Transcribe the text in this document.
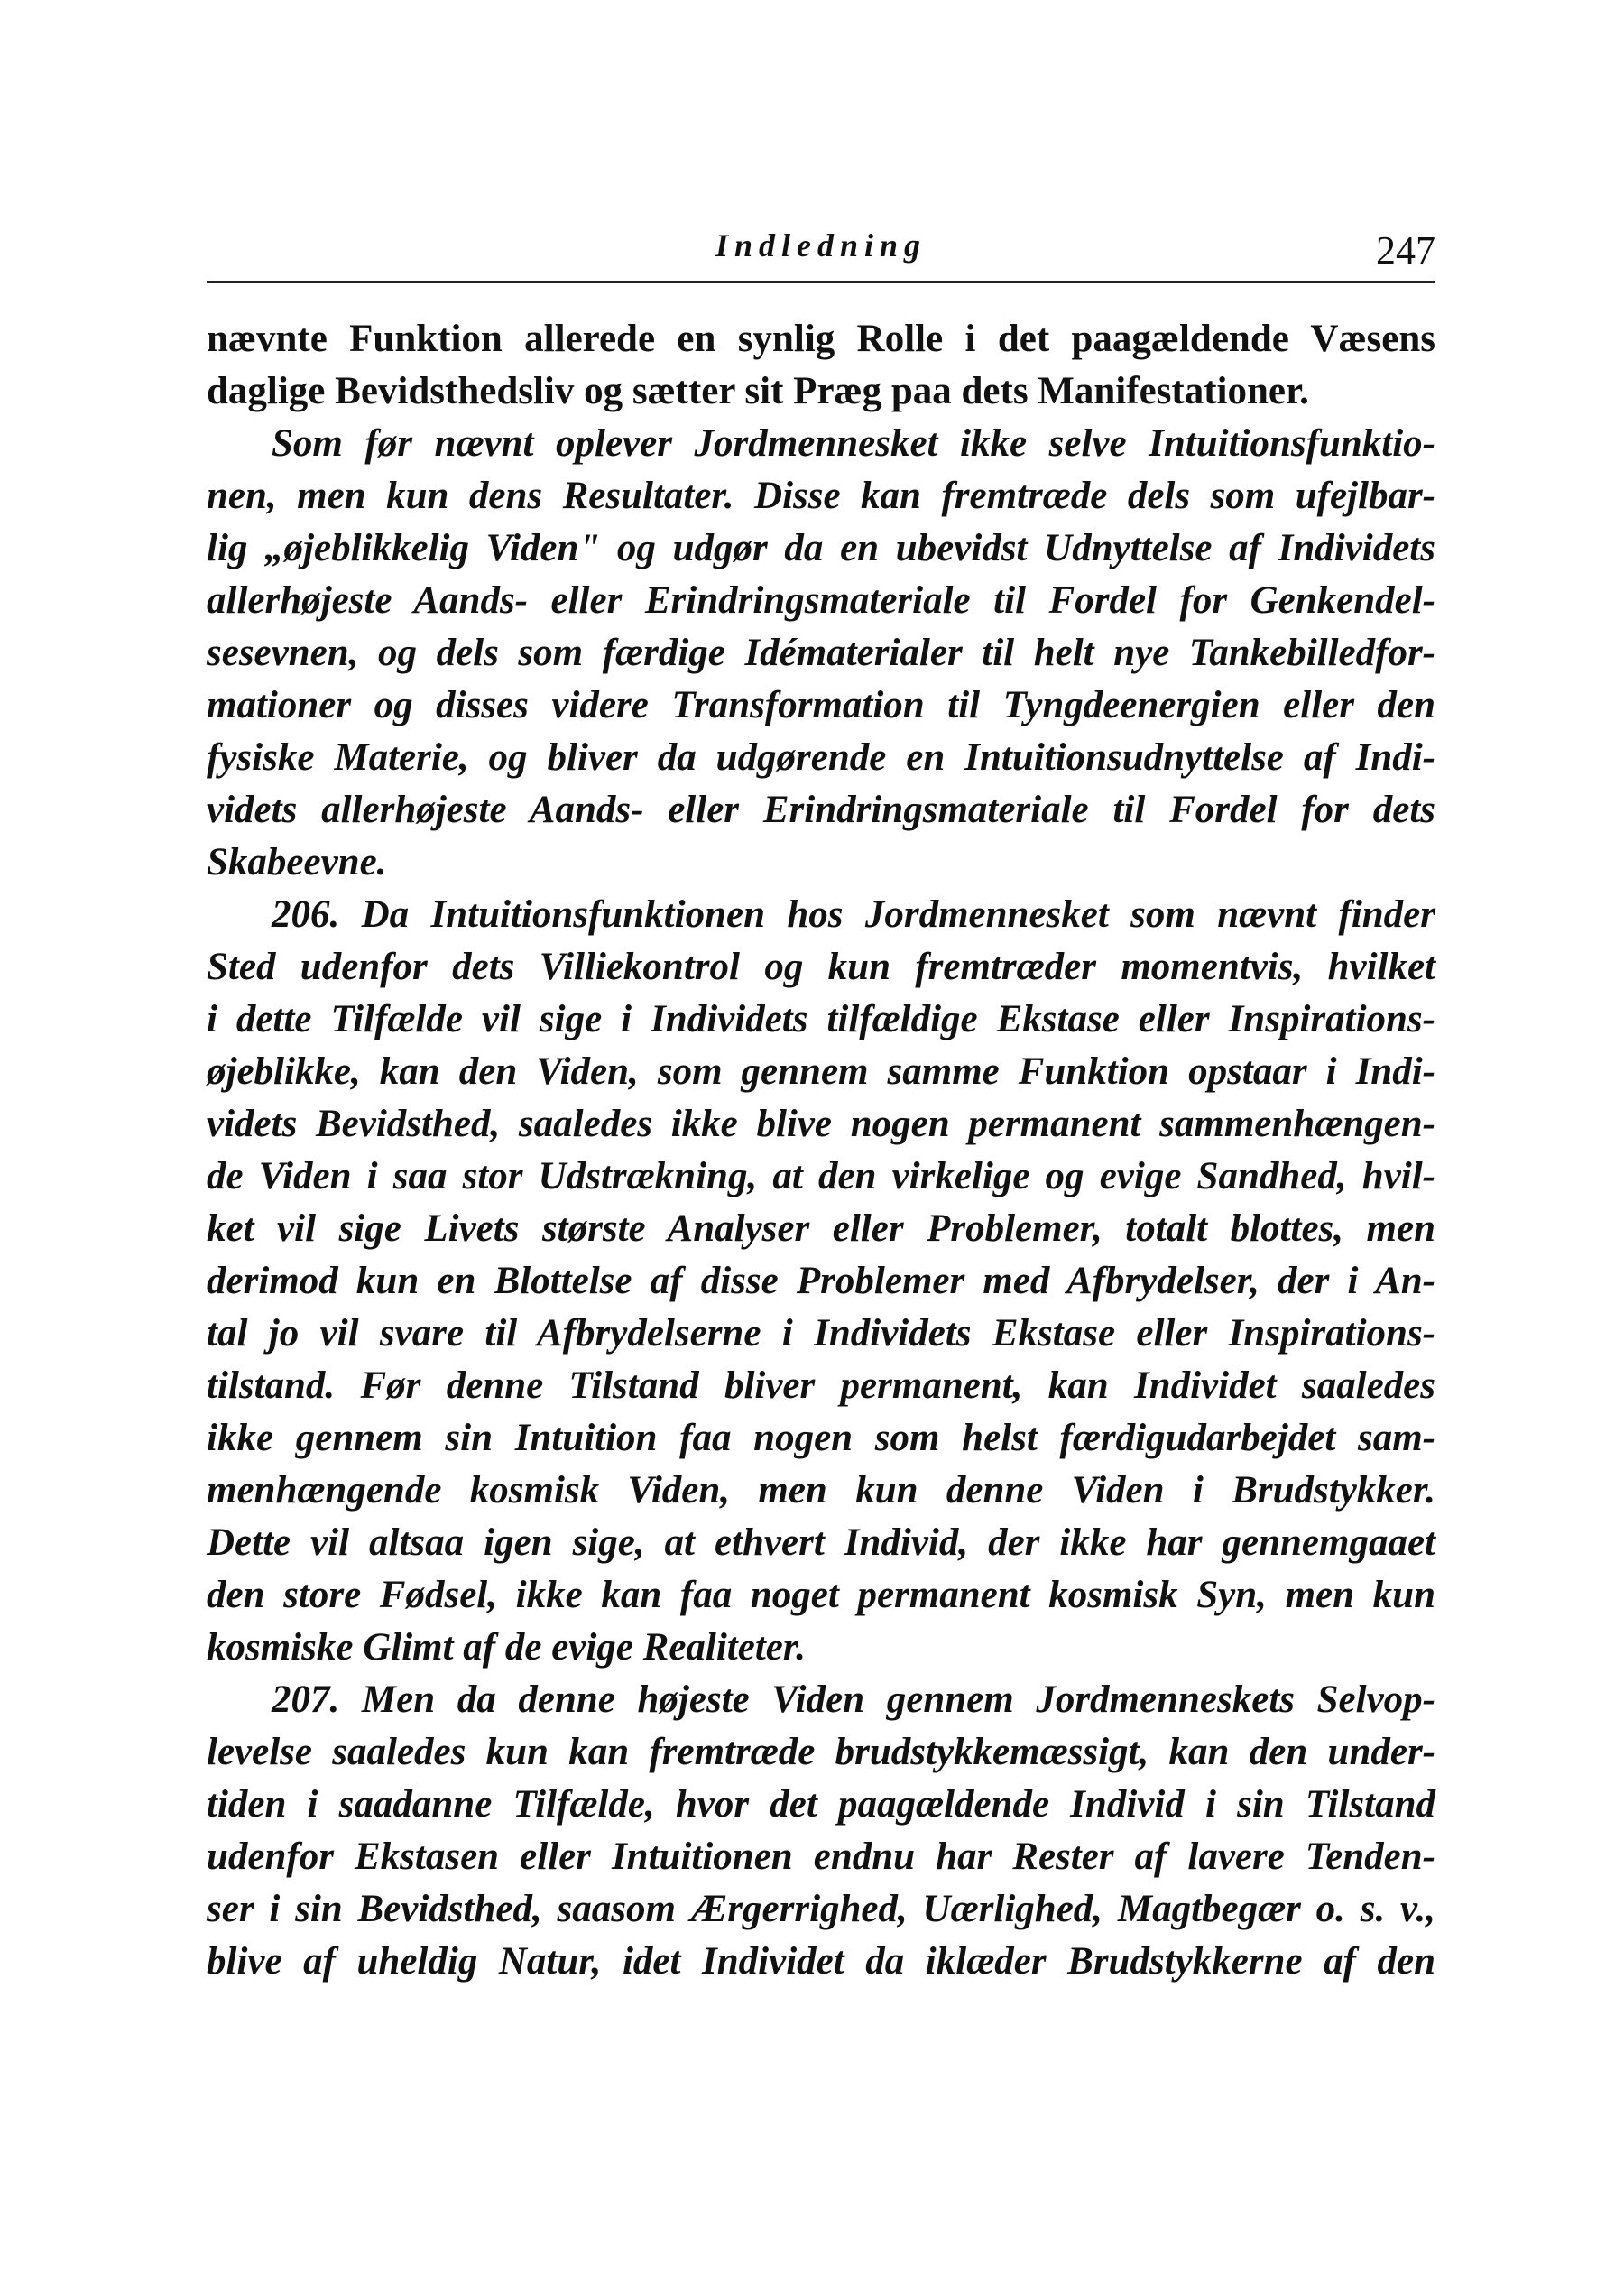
Indledning	247
nævnte Funktion allerede en synlig Rolle i det paagældende Væsens
daglige Bevidsthedsliv og sætter sit Præg paa dets Manifestationer.
Som før nævnt oplever Jordmennesket ikke selve Intuitionsfunktio-
nen, men kun dens Resultater. Disse kan fremtræde dels som ufejlbar-
lig „øjeblikkelig Viden" og udgør da en ubevidst Udnyttelse af Individets
allerhøjeste Aands- eller Erindringsmateriale til Fordel for Genkendel-
sesevnen, og dels som færdige Idématerialer til helt nye Tankebilledfor-
mationer og disses videre Transformation til Tyngdeenergien eller den
fysiske Materie, og bliver da udgørende en Intuitionsudnyttelse af Indi-
videts allerhøjeste Aands- eller Erindringsmateriale til Fordel for dets
Skabeevne.
206. Da Intuitionsfunktionen hos Jordmennesket som nævnt finder
Sted udenfor dets Villiekontrol og kun fremtræder momentvis, hvilket
i dette Tilfælde vil sige i Individets tilfældige Ekstase eller Inspirations-
øjeblikke, kan den Viden, som gennem samme Funktion opstaar i Indi-
videts Bevidsthed, saaledes ikke blive nogen permanent sammenhængen-
de Viden i saa stor Udstrækning, at den virkelige og evige Sandhed, hvil-
ket vil sige Livets største Analyser eller Problemer, totalt blottes, men
derimod kun en Blottelse af disse Problemer med Afbrydelser, der i An-
tal jo vil svare til Afbrydelserne i Individets Ekstase eller Inspirations-
tilstand. Før denne Tilstand bliver permanent, kan Individet saaledes
ikke gennem sin Intuition faa nogen som helst færdigudarbejdet sam-
menhængende kosmisk Viden, men kun denne Viden i Brudstykker.
Dette vil altsaa igen sige, at ethvert Individ, der ikke har gennemgaaet
den store Fødsel, ikke kan faa noget permanent kosmisk Syn, men kun
kosmiske Glimt af de evige Realiteter.
207. Men da denne højeste Viden gennem Jordmenneskets Selvop-
levelse saaledes kun kan fremtræde brudstykkemæssigt, kan den under-
tiden i saadanne Tilfælde, hvor det paagældende Individ i sin Tilstand
udenfor Ekstasen eller Intuitionen endnu har Rester af lavere Tenden-
ser i sin Bevidsthed, saasom Ærgerrighed, Uærlighed, Magtbegær o. s. v.,
blive af uheldig Natur, idet Individet da iklæder Brudstykkerne af den
